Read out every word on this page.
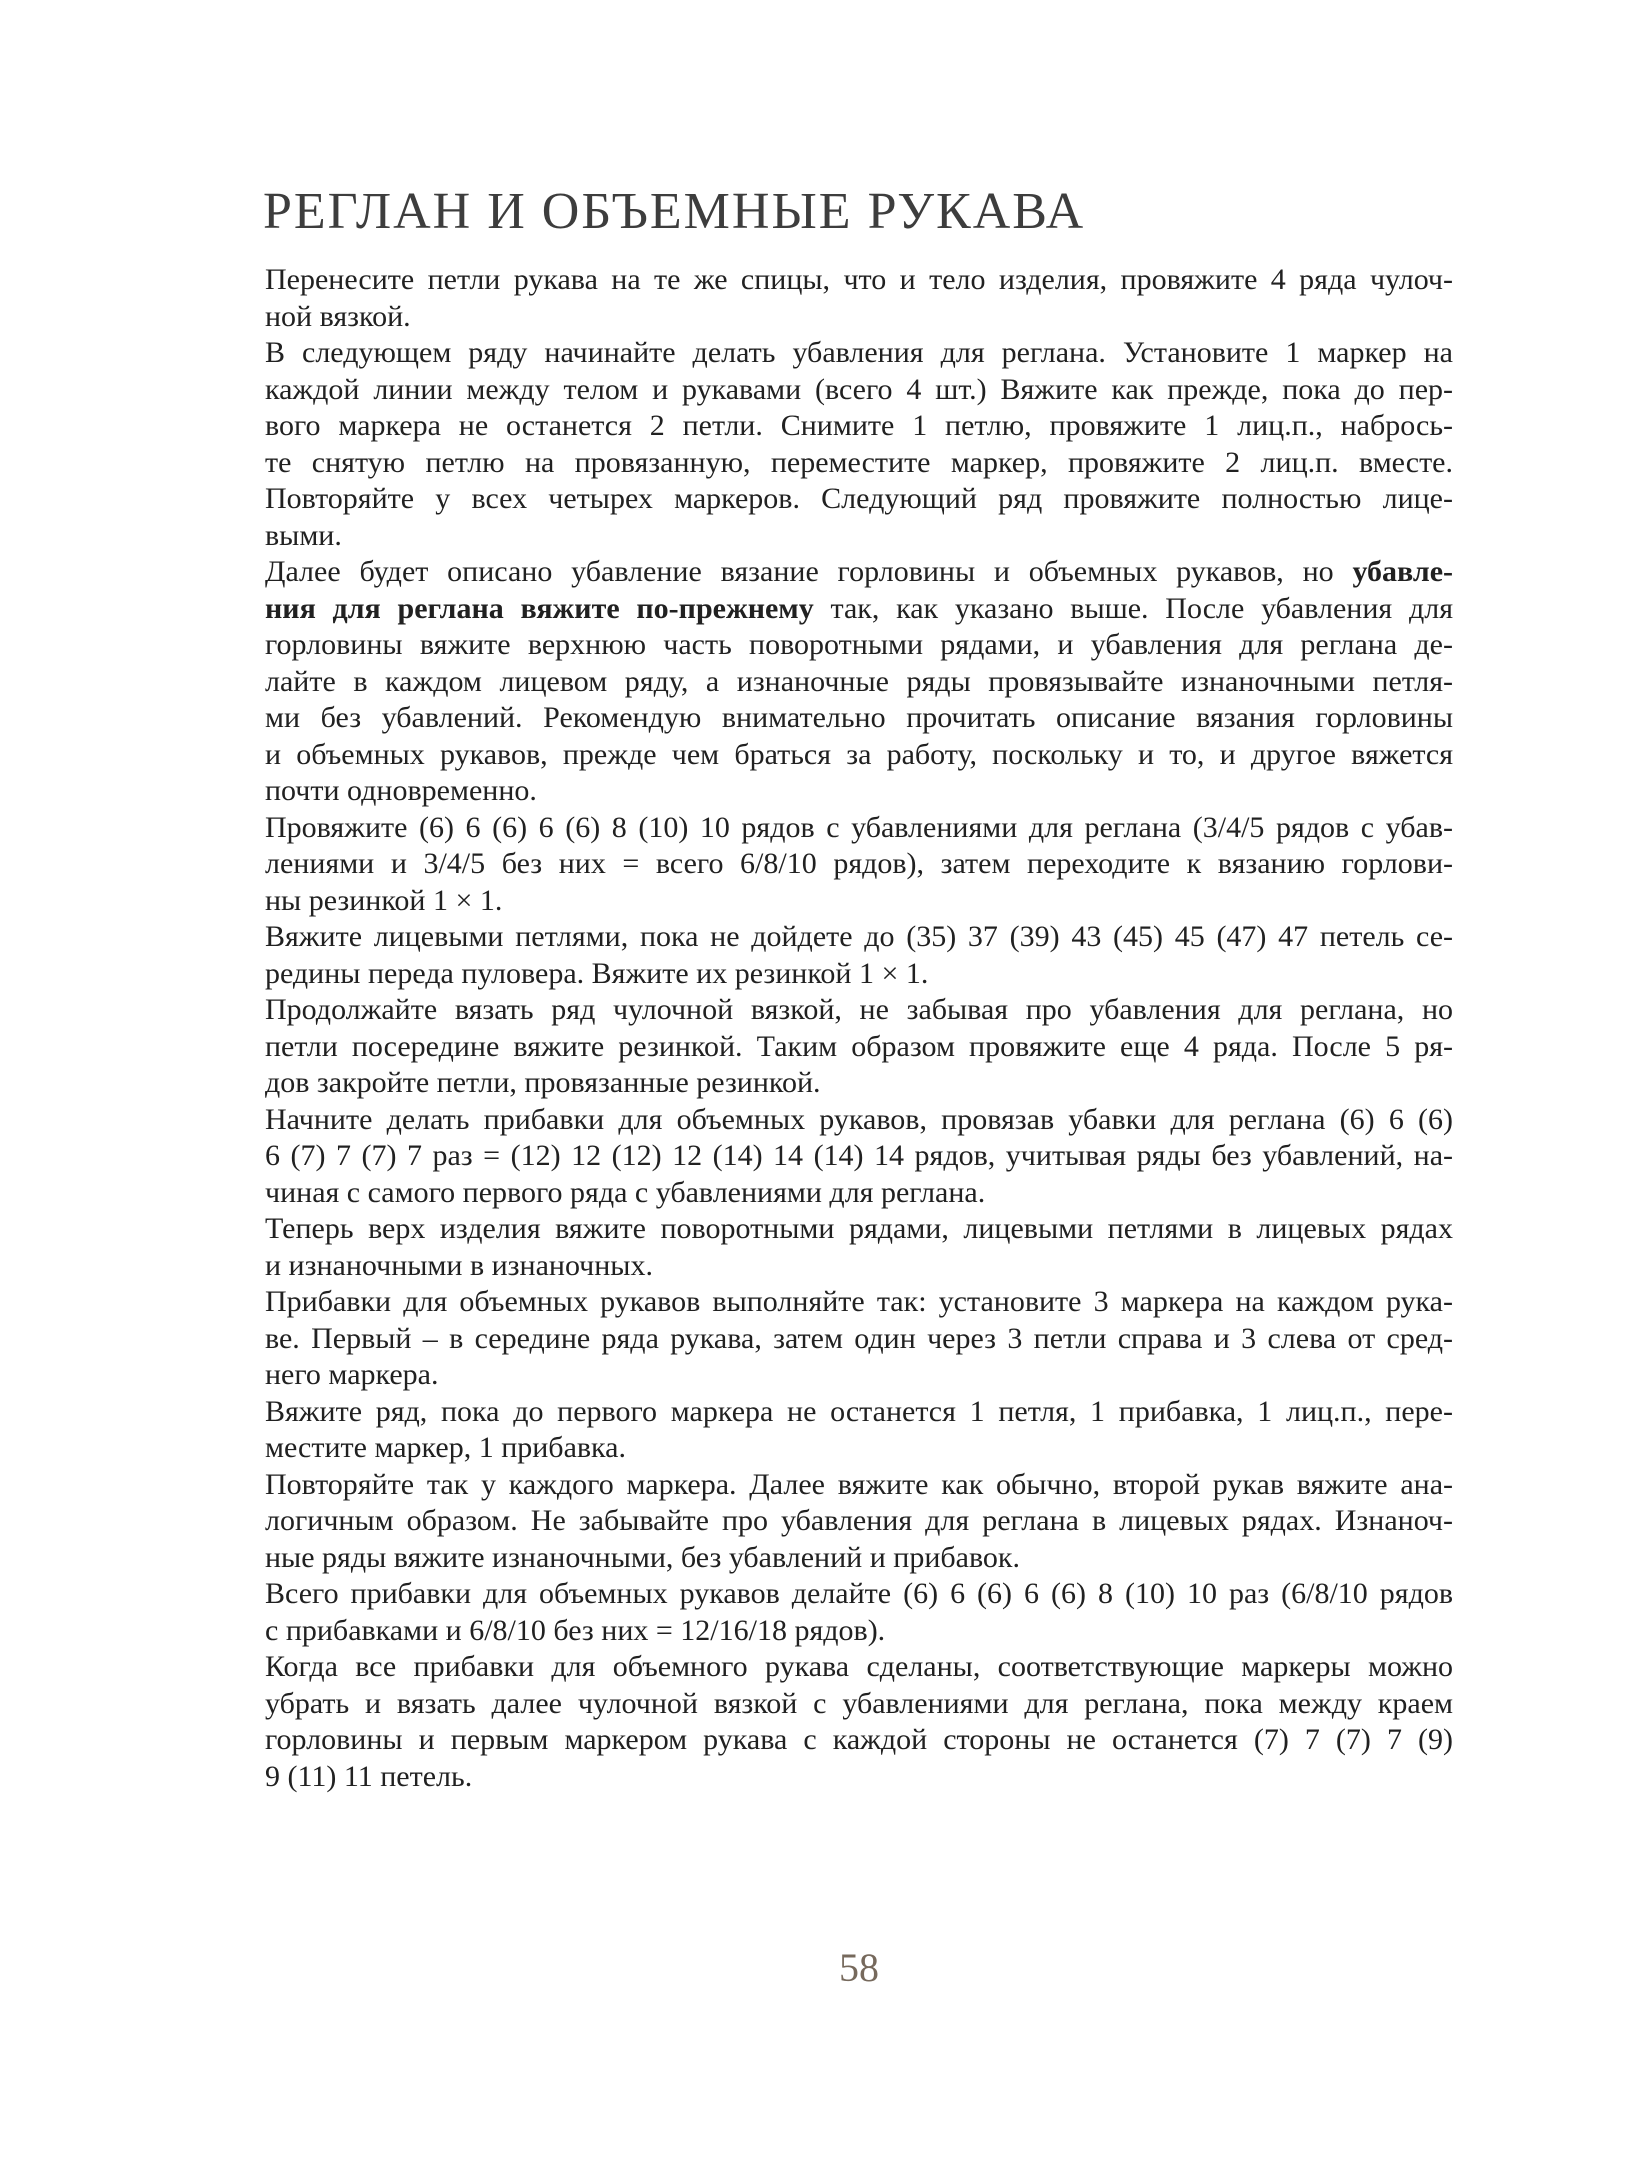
РЕГЛАН И ОБЪЕМНЫЕ РУКАВА
Перенесите петли рукава на те же спицы, что и тело изделия, провяжите 4 ряда чулоч-
ной вязкой.
В следующем ряду начинайте делать убавления для реглана. Установите 1 маркер на
каждой линии между телом и рукавами (всего 4 шт.) Вяжите как прежде, пока до пер-
вого маркера не останется 2 петли. Снимите 1 петлю, провяжите 1 лиц.п., набрось-
те снятую петлю на провязанную, переместите маркер, провяжите 2 лиц.п. вместе.
Повторяйте у всех четырех маркеров. Следующий ряд провяжите полностью лице-
выми.
Далее будет описано убавление вязание горловины и объемных рукавов, но убавле-
ния для реглана вяжите по-прежнему так, как указано выше. После убавления для
горловины вяжите верхнюю часть поворотными рядами, и убавления для реглана де-
лайте в каждом лицевом ряду, а изнаночные ряды провязывайте изнаночными петля-
ми без убавлений. Рекомендую внимательно прочитать описание вязания горловины
и объемных рукавов, прежде чем браться за работу, поскольку и то, и другое вяжется
почти одновременно.
Провяжите (6) 6 (6) 6 (6) 8 (10) 10 рядов с убавлениями для реглана (3/4/5 рядов с убав-
лениями и 3/4/5 без них = всего 6/8/10 рядов), затем переходите к вязанию горлови-
ны резинкой 1 × 1.
Вяжите лицевыми петлями, пока не дойдете до (35) 37 (39) 43 (45) 45 (47) 47 петель се-
редины переда пуловера. Вяжите их резинкой 1 × 1.
Продолжайте вязать ряд чулочной вязкой, не забывая про убавления для реглана, но
петли посередине вяжите резинкой. Таким образом провяжите еще 4 ряда. После 5 ря-
дов закройте петли, провязанные резинкой.
Начните делать прибавки для объемных рукавов, провязав убавки для реглана (6) 6 (6)
6 (7) 7 (7) 7 раз = (12) 12 (12) 12 (14) 14 (14) 14 рядов, учитывая ряды без убавлений, на-
чиная с самого первого ряда с убавлениями для реглана.
Теперь верх изделия вяжите поворотными рядами, лицевыми петлями в лицевых рядах
и изнаночными в изнаночных.
Прибавки для объемных рукавов выполняйте так: установите 3 маркера на каждом рука-
ве. Первый – в середине ряда рукава, затем один через 3 петли справа и 3 слева от сред-
него маркера.
Вяжите ряд, пока до первого маркера не останется 1 петля, 1 прибавка, 1 лиц.п., пере-
местите маркер, 1 прибавка.
Повторяйте так у каждого маркера. Далее вяжите как обычно, второй рукав вяжите ана-
логичным образом. Не забывайте про убавления для реглана в лицевых рядах. Изнаноч-
ные ряды вяжите изнаночными, без убавлений и прибавок.
Всего прибавки для объемных рукавов делайте (6) 6 (6) 6 (6) 8 (10) 10 раз (6/8/10 рядов
с прибавками и 6/8/10 без них = 12/16/18 рядов).
Когда все прибавки для объемного рукава сделаны, соответствующие маркеры можно
убрать и вязать далее чулочной вязкой с убавлениями для реглана, пока между краем
горловины и первым маркером рукава с каждой стороны не останется (7) 7 (7) 7 (9)
9 (11) 11 петель.
58
